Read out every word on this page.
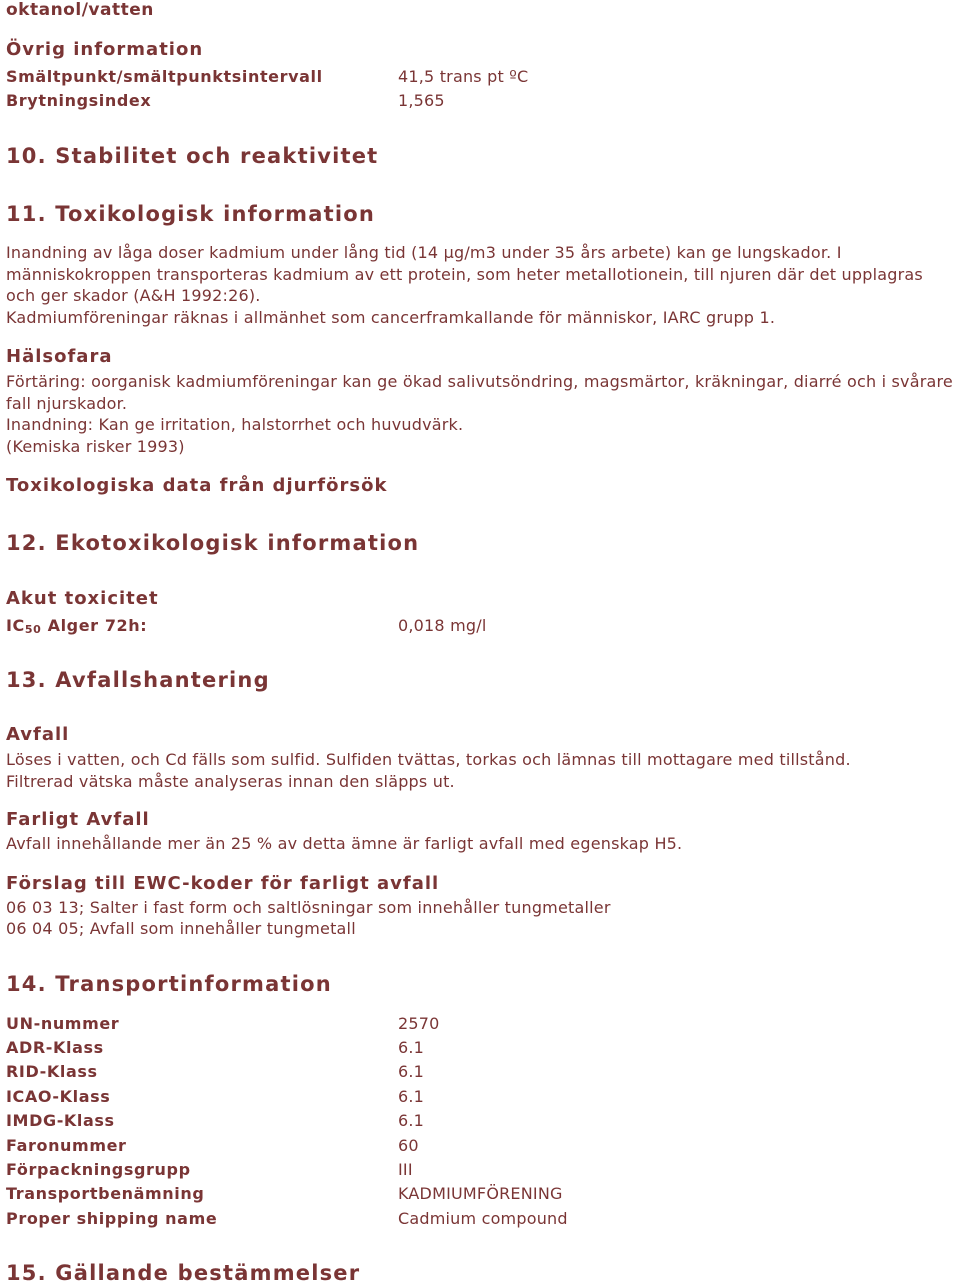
oktanol/vatten
Övrig information
Smältpunkt/smältpunktsintervall	41,5 trans pt ºC
Brytningsindex	1,565
10. Stabilitet och reaktivitet
11. Toxikologisk information
Inandning av låga doser kadmium under lång tid (14 µg/m3 under 35 års arbete) kan ge lungskador. I människokroppen transporteras kadmium av ett protein, som heter metallotionein, till njuren där det upplagras och ger skador (A&H 1992:26).
Kadmiumföreningar räknas i allmänhet som cancerframkallande för människor, IARC grupp 1.
Hälsofara
Förtäring: oorganisk kadmiumföreningar kan ge ökad salivutsöndring, magsmärtor, kräkningar, diarré och i svårare fall njurskador.
Inandning: Kan ge irritation, halstorrhet och huvudvärk.
(Kemiska risker 1993)
Toxikologiska data från djurförsök
12. Ekotoxikologisk information
Akut toxicitet
$IC_{50}$ Alger 72h:	0,018 mg/l
13. Avfallshantering
Avfall
Löses i vatten, och Cd fälls som sulfid. Sulfiden tvättas, torkas och lämnas till mottagare med tillstånd.
Filtrerad vätska måste analyseras innan den släpps ut.
Farligt Avfall
Avfall innehållande mer än 25 % av detta ämne är farligt avfall med egenskap H5.
Förslag till EWC-koder för farligt avfall
06 03 13; Salter i fast form och saltlösningar som innehåller tungmetaller
06 04 05; Avfall som innehåller tungmetall
14. Transportinformation
UN-nummer	2570
ADR-Klass	6.1
RID-Klass	6.1
ICAO-Klass	6.1
IMDG-Klass	6.1
Faronummer	60
Förpackningsgrupp	III
Transportbenämning	KADMIUMFÖRENING
Proper shipping name	Cadmium compound
15. Gällande bestämmelser
